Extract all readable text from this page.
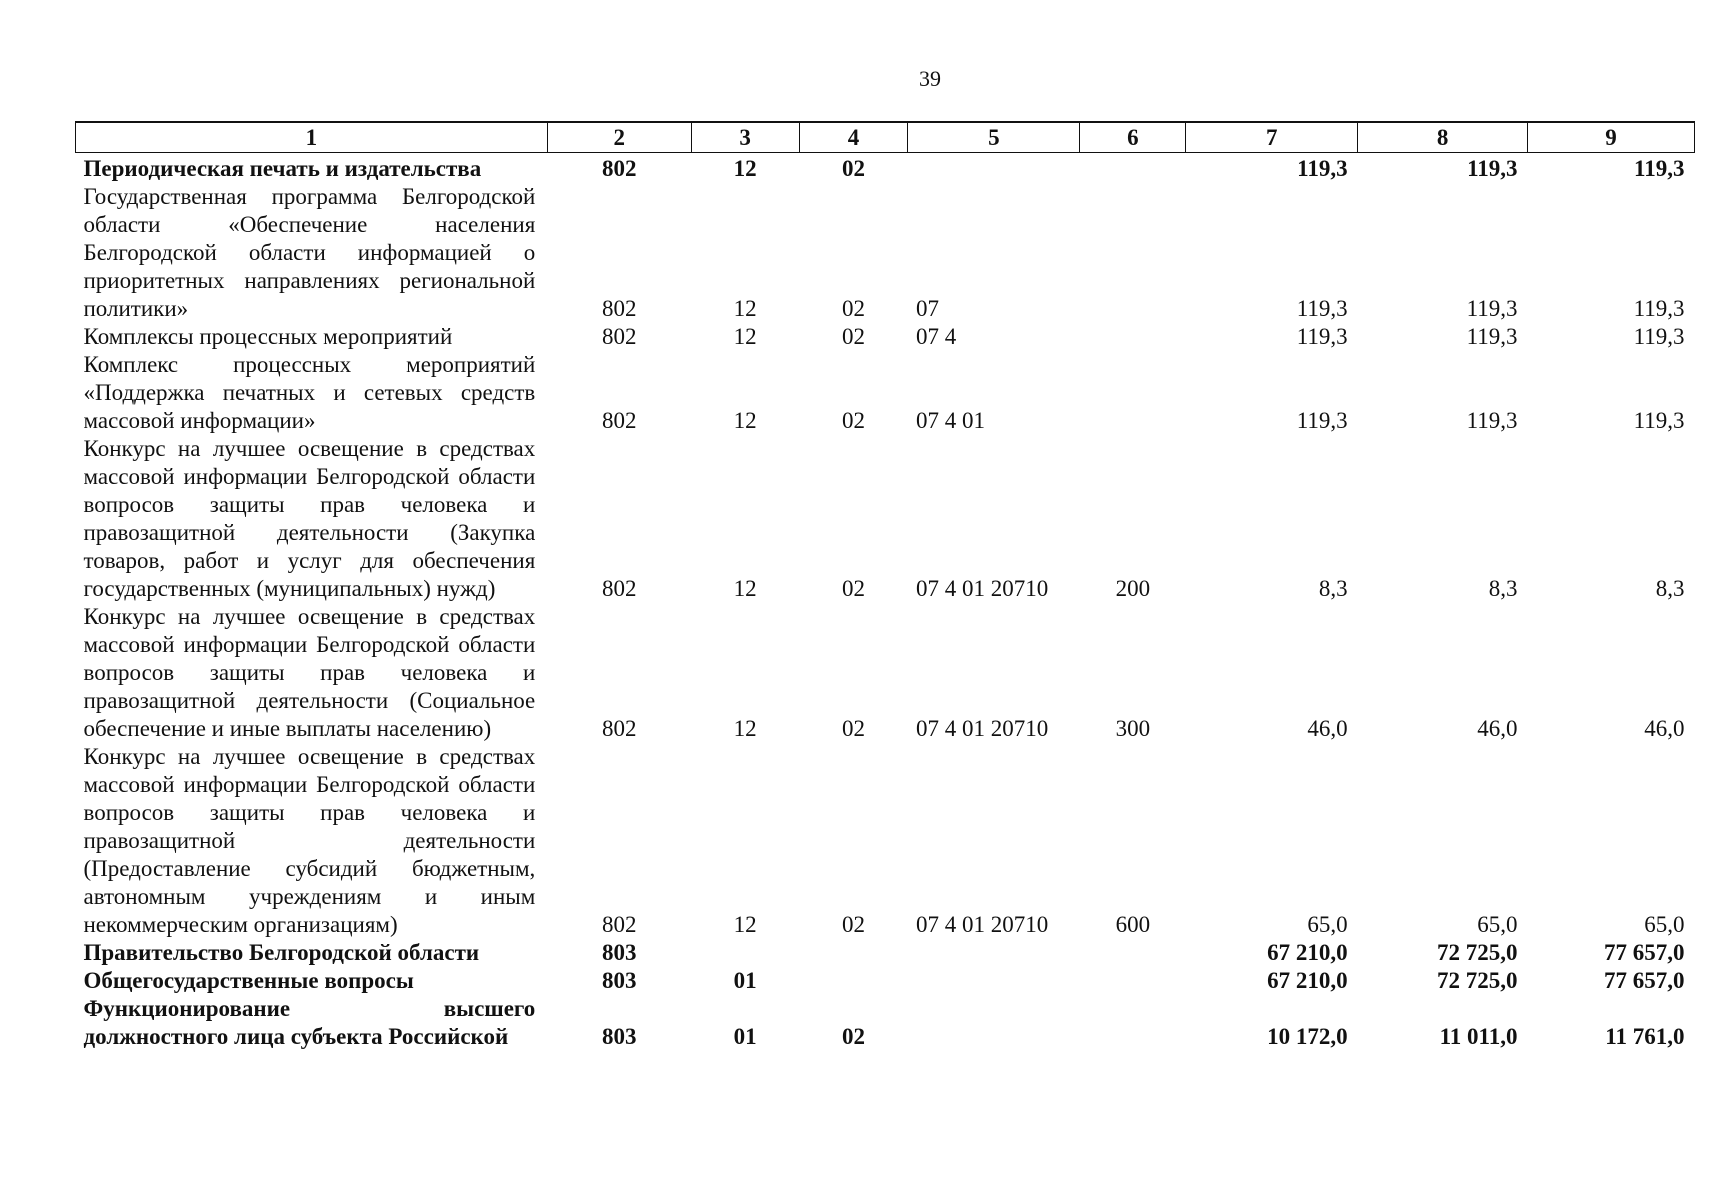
39
1	2	3	4	5	6	7	8	9
Периодическая печать и издательства	802	12	02			119,3	119,3	119,3
Государственная программа Белгородской области «Обеспечение населения Белгородской области информацией о приоритетных направлениях региональной политики»	802	12	02	07		119,3	119,3	119,3
Комплексы процессных мероприятий	802	12	02	07 4		119,3	119,3	119,3
Комплекс процессных мероприятий «Поддержка печатных и сетевых средств массовой информации»	802	12	02	07 4 01		119,3	119,3	119,3
Конкурс на лучшее освещение в средствах массовой информации Белгородской области вопросов защиты прав человека и правозащитной деятельности (Закупка товаров, работ и услуг для обеспечения государственных (муниципальных) нужд)	802	12	02	07 4 01 20710	200	8,3	8,3	8,3
Конкурс на лучшее освещение в средствах массовой информации Белгородской области вопросов защиты прав человека и правозащитной деятельности (Социальное обеспечение и иные выплаты населению)	802	12	02	07 4 01 20710	300	46,0	46,0	46,0
Конкурс на лучшее освещение в средствах массовой информации Белгородской области вопросов защиты прав человека и правозащитной деятельности (Предоставление субсидий бюджетным, автономным учреждениям и иным некоммерческим организациям)	802	12	02	07 4 01 20710	600	65,0	65,0	65,0
Правительство Белгородской области	803					67 210,0	72 725,0	77 657,0
Общегосударственные вопросы	803	01				67 210,0	72 725,0	77 657,0
Функционирование высшего должностного лица субъекта Российской	803	01	02			10 172,0	11 011,0	11 761,0
